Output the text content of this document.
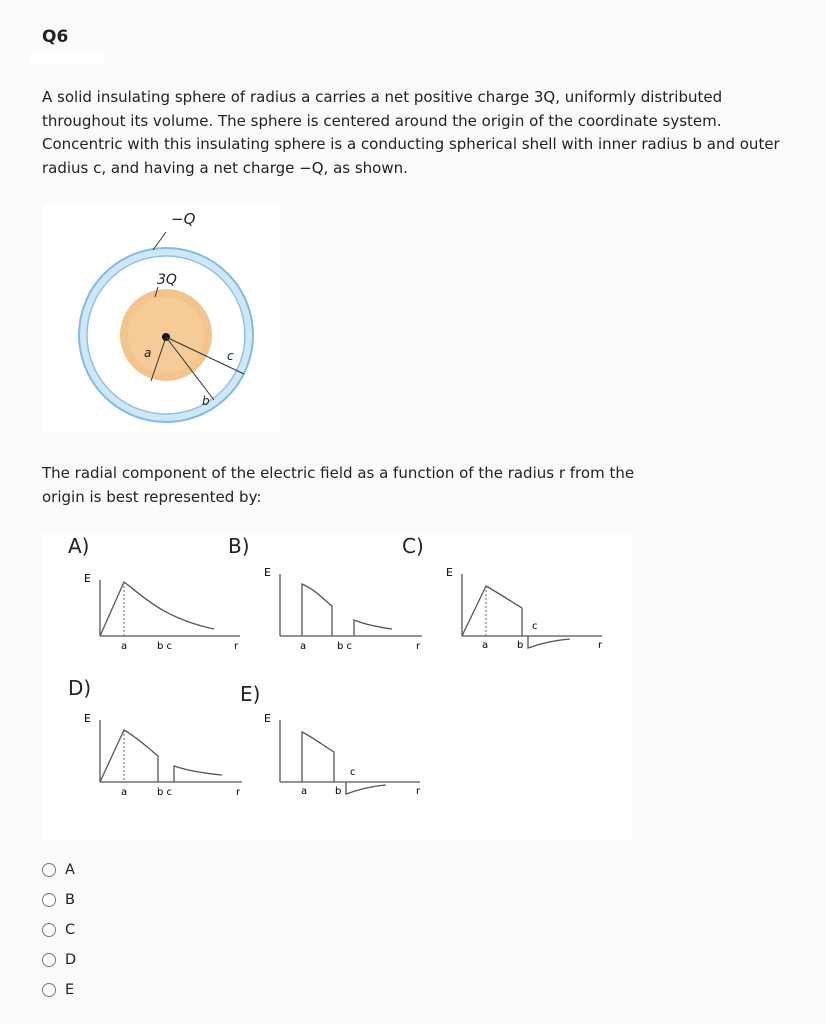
Q6
A solid insulating sphere of radius a carries a net positive charge 3Q, uniformly distributed throughout its volume. The sphere is centered around the origin of the coordinate system. Concentric with this insulating sphere is a conducting spherical shell with inner radius b and outer radius c, and having a net charge −Q, as shown.
−Q
3Q
a
b
c
The radial component of the electric field as a function of the radius r from the origin is best represented by:
A)
E
a	b c	r
B)
E
a	b c	r
C)
E
a	b
c
r
D)
E
a	b c	r
E)
E
a	b
c
r
A
B
C
D
E
